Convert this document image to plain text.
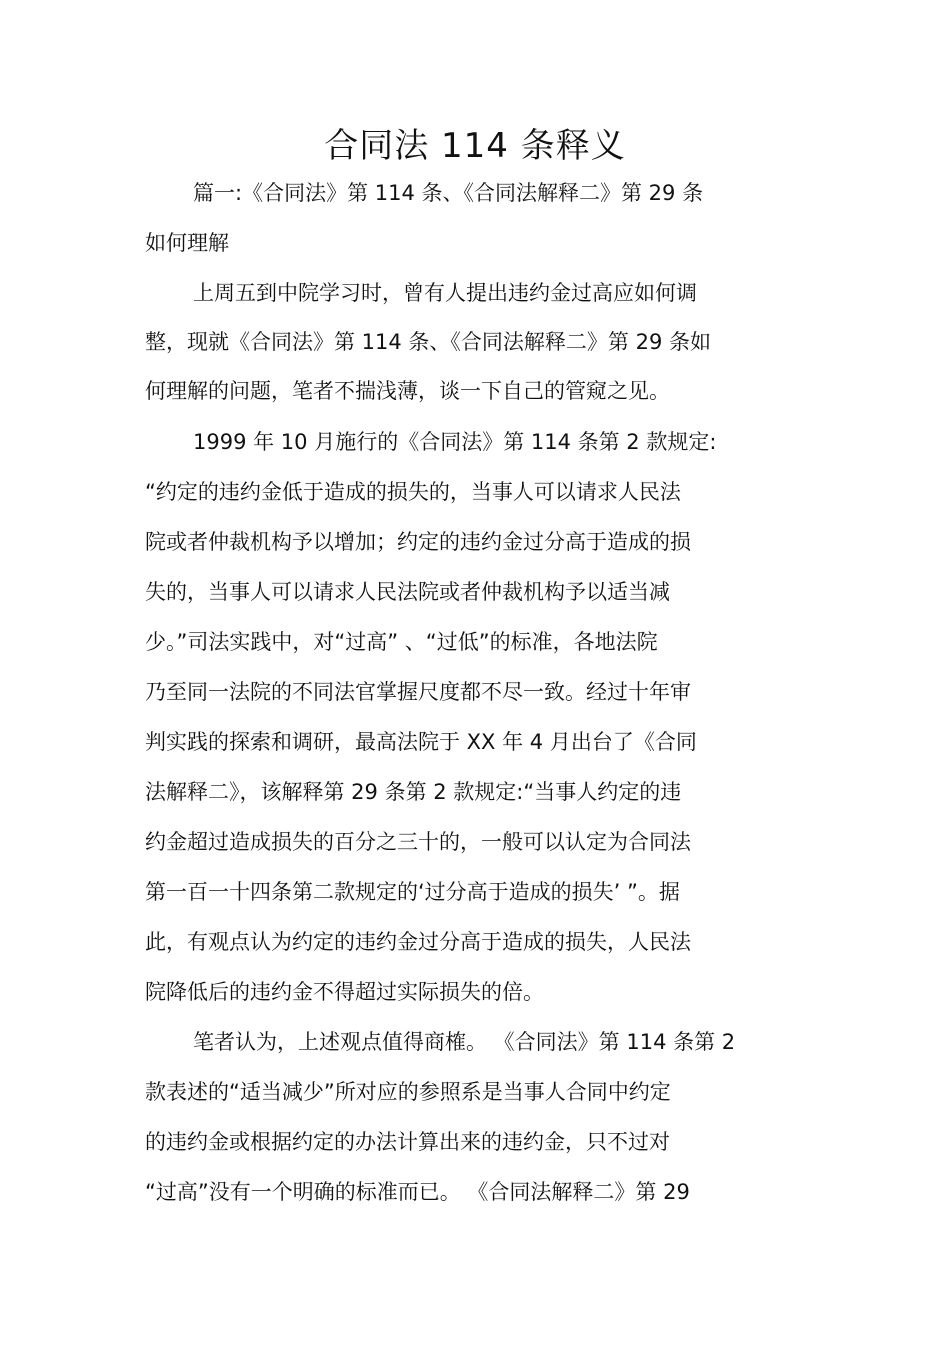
合同法 114 条释义

篇一:《合同法》第 114 条、《合同法解释二》第 29 条

如何理解

上周五到中院学习时，曾有人提出违约金过高应如何调

整，现就《合同法》第 114 条、《合同法解释二》第 29 条如

何理解的问题，笔者不揣浅薄，谈一下自己的管窥之见。

1999 年 10 月施行的《合同法》第 114 条第 2 款规定:

“约定的违约金低于造成的损失的，当事人可以请求人民法

院或者仲裁机构予以增加；约定的违约金过分高于造成的损

失的，当事人可以请求人民法院或者仲裁机构予以适当减

少。”司法实践中，对“过高” 、“过低”的标准，各地法院

乃至同一法院的不同法官掌握尺度都不尽一致。经过十年审

判实践的探索和调研，最高法院于 XX 年 4 月出台了《合同

法解释二》，该解释第 29 条第 2 款规定:“当事人约定的违

约金超过造成损失的百分之三十的，一般可以认定为合同法

第一百一十四条第二款规定的‘过分高于造成的损失’ ”。据

此，有观点认为约定的违约金过分高于造成的损失，人民法

院降低后的违约金不得超过实际损失的倍。

笔者认为，上述观点值得商榷。 《合同法》第 114 条第 2

款表述的“适当减少”所对应的参照系是当事人合同中约定

的违约金或根据约定的办法计算出来的违约金，只不过对

“过高”没有一个明确的标准而已。 《合同法解释二》第 29
